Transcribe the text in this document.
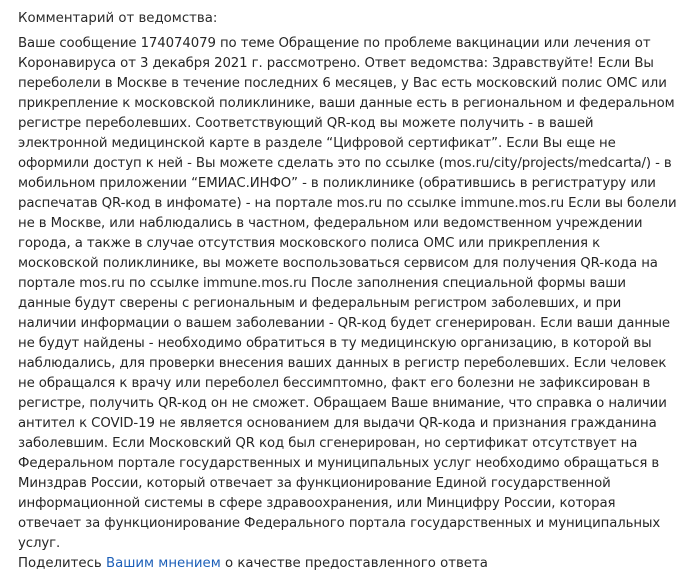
Комментарий от ведомства:

Ваше сообщение 174074079 по теме Обращение по проблеме вакцинации или лечения от Коронавируса от 3 декабря 2021 г. рассмотрено. Ответ ведомства: Здравствуйте! Если Вы переболели в Москве в течение последних 6 месяцев, у Вас есть московский полис ОМС или прикрепление к московской поликлинике, ваши данные есть в региональном и федеральном регистре переболевших. Соответствующий QR-код вы можете получить - в вашей электронной медицинской карте в разделе “Цифровой сертификат”. Если Вы еще не оформили доступ к ней - Вы можете сделать это по ссылке (mos.ru/city/projects/medcarta/) - в мобильном приложении “ЕМИАС.ИНФО” - в поликлинике (обратившись в регистратуру или распечатав QR-код в инфомате) - на портале mos.ru по ссылке immune.mos.ru Если вы болели не в Москве, или наблюдались в частном, федеральном или ведомственном учреждении города, а также в случае отсутствия московского полиса ОМС или прикрепления к московской поликлинике, вы можете воспользоваться сервисом для получения QR-кода на портале mos.ru по ссылке immune.mos.ru После заполнения специальной формы ваши данные будут сверены с региональным и федеральным регистром заболевших, и при наличии информации о вашем заболевании - QR-код будет сгенерирован. Если ваши данные не будут найдены - необходимо обратиться в ту медицинскую организацию, в которой вы наблюдались, для проверки внесения ваших данных в регистр переболевших. Если человек не обращался к врачу или переболел бессимптомно, факт его болезни не зафиксирован в регистре, получить QR-код он не сможет. Обращаем Ваше внимание, что справка о наличии антител к COVID-19 не является основанием для выдачи QR-кода и признания гражданина заболевшим. Если Московский QR код был сгенерирован, но сертификат отсутствует на Федеральном портале государственных и муниципальных услуг необходимо обращаться в Минздрав России, который отвечает за функционирование Единой государственной информационной системы в сфере здравоохранения, или Минцифру России, которая отвечает за функционирование Федерального портала государственных и муниципальных услуг.

Поделитесь Вашим мнением о качестве предоставленного ответа
